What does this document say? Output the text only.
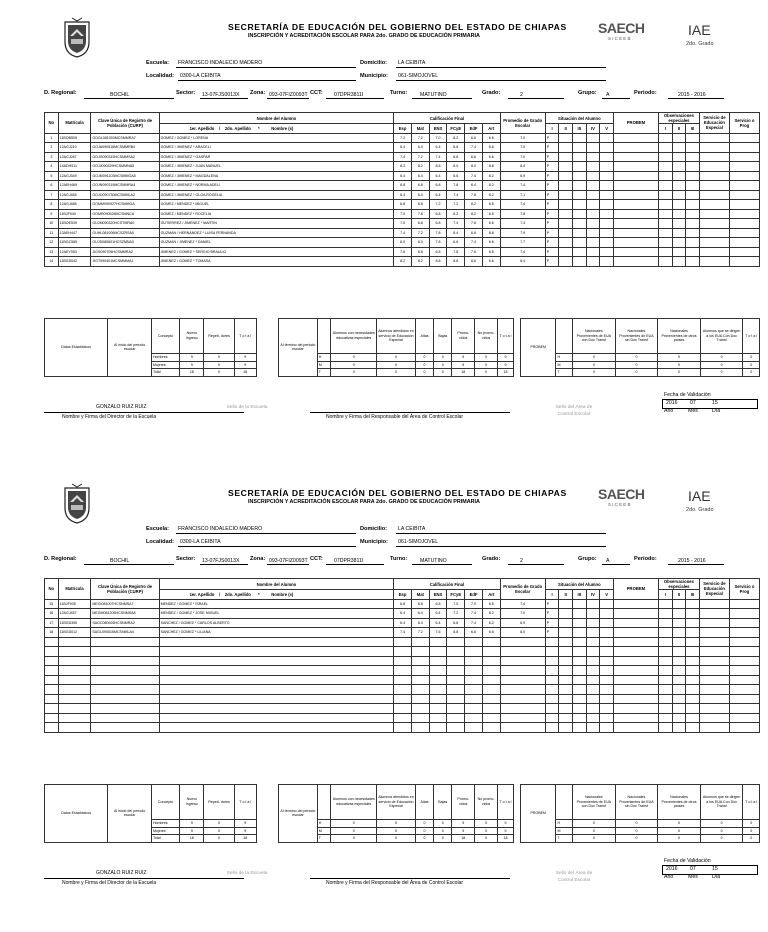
SECRETARÍA DE EDUCACIÓN DEL GOBIERNO DEL ESTADO DE CHIAPAS
INSCRIPCIÓN Y ACREDITACIÓN ESCOLAR PARA 2do. GRADO DE EDUCACIÓN PRIMARIA	SAECH
SICEEB
IAE
2do. Grado
Escuela: FRANCISCO INDALECIO MADERO	Domicilio: LA CEIBITA
Localidad: 0300-LA CEIBITA	Municipio: 061-SIMOJOVEL
D. Regional:	BOCHIL	Sector: 13-07FJS0013X Zona: 093-07FIZ0093T CCT: 07DPR3811I	Turno: MATUTINO	Grado:	2	Grupo: A	Periodo:	2015 - 2016
No	Matrícula	Clave Única de Registro de Población (CURP)	Nombre del Alumno	Calificación Final						Promedio de Grado Escolar	Situación del Alumno					PROBEM	Observaciones especiales			Servicio de Educación Especial	Servicio o Prog
			1er. Apellido / 2do. Apellido * Nombre (s)	Esp	Mat	ENS	FCyE	EdF	Art		I	II	III	IV	V		I	II	III		

1	11BOB509	GOGL081003MCSMMRA7	GOMEZ / GOMEZ * LORENA	7.2	7.2	7.0	8.2	6.6	6.6	7.0	P										
2	12AGJ210	GOJA090516MCSMMRB4	GOMEZ / JIMENEZ * ARACELI	6.4	6.4	6.4	6.6	7.4	6.6	7.0	P										
3	12AGJ287	GOJG090315HCSMMSA2	GOMEZ / JIMENEZ * GASPAR	7.4	7.2	7.4	6.6	6.6	6.6	7.0	P										
4	14ADH511	GOJJ090329HCSMMNA5	GOMEZ / JIMENEZ * JUAN MANUEL	8.2	8.2	8.8	8.0	8.0	8.6	8.4	P										
5	12AGJ349	GOJM091103MCSMMGA8	GOMEZ / JIMENEZ * MAGDALENA	6.4	6.4	6.4	6.6	7.4	8.2	6.9	P										
6	12AEH469	GOJN090319MCSMMRA4	GOMEZ / JIMENEZ * NORMA ADELI	6.8	6.8	6.8	7.8	6.4	8.2	7.4	P										
7	12AGJ465	GOJO090730MCSMMLA2	GOMEZ / JIMENEZ * OLGA ROGELIA	6.4	6.4	6.4	7.4	7.8	8.2	7.1	P										
8	12AGJ485	GOMM090927HCSMMGA	GOMEZ / MENDEZ * MIGUEL	6.8	6.8	7.2	7.2	8.2	6.6	7.4	P										
9	11BJF940	GOMR090528MCSMNCA	GOMEZ / MENDEZ * ROCELIA	7.0	7.8	6.8	8.2	8.2	6.6	7.8	P										
10	11BOE539	GUJM090320HCSTMRA0	GUTIERREZ / JIMENEZ * MARTIN	7.0	6.8	6.8	7.4	7.6	6.6	7.4	P										
11	13AEH447	GUHL081006MCSZRSA5	GUZMAN / HERNANDEZ * LUISA FERNANDA	7.4	7.2	7.8	8.4	6.6	8.6	7.9	P										
12	11BGC585	GUJD080601HCSZMNA3	GUZMAN / JIMENEZ * DANIEL	8.0	8.0	7.8	6.6	7.4	6.6	7.7	P										
13	12AEY053	JIGS090705HCSMMRA2	JIMENEZ / GOMEZ * SERGIO BRAULIO	7.6	6.8	6.8	7.8	7.6	6.6	7.4	P										
14	11BGD042	JIGT090401MCSMMMA1	JIMENEZ / GOMEZ * TOMASA	8.2	8.2	8.8	8.6	8.6	6.6	8.4	P										
Datos Estadísticos	Al inicio del periodo escolar	Concepto	Nuevo Ingreso	Repeti- dores	T o t a l
		Hombres	9	0	9
		Mujeres	9	0	9
		Total	18	0	18
Al término del periodo escolar		Alumnos con necesidades educativas especiales	Alumnos atendidos en servicio de Educación Especial	Altas	Bajas	Promo- vidos	No promo- vidos	T o t a l
	H	0	0	0	0	9	0	9
	M	0	0	0	0	9	0	9
	T	0	0	0	0	18	0	18
PROBEM		Nacionales Provenientes de EUA con Doc Transf	Nacionales Provenientes de EUA sin Doc Transf	Nacionales Provenientes de otros países	Alumnos que se dirigen a los EUA Con Doc Transf	T o t a l
	H	0	0	0	0	0
	M	0	0	0	0	0
	T	0	0	0	0	0
Fecha de Validación
2016 07	15
Año	Mes	Día
GONZALO RUIZ RUIZ
Nombre y Firma del Director de la Escuela
Sello de la Escuela
Nombre y Firma del Responsable del Área de Control Escolar
Sello del Área de Control Escolar
SECRETARÍA DE EDUCACIÓN DEL GOBIERNO DEL ESTADO DE CHIAPAS
INSCRIPCIÓN Y ACREDITACIÓN ESCOLAR PARA 2do. GRADO DE EDUCACIÓN PRIMARIA	SAECH
SICEEB
IAE
2do. Grado
Escuela: FRANCISCO INDALECIO MADERO	Domicilio: LA CEIBITA
Localidad: 0300-LA CEIBITA	Municipio: 061-SIMOJOVEL
D. Regional:	BOCHIL	Sector: 13-07FJS0013X Zona: 093-07FIZ0093T CCT: 07DPR3811I	Turno: MATUTINO	Grado:	2	Grupo: A	Periodo:	2015 - 2016
No	Matrícula	Clave Única de Registro de Población (CURP)	Nombre del Alumno	Calificación Final						Promedio de Grado Escolar	Situación del Alumno					PROBEM	Observaciones especiales			Servicio de Educación Especial	Servicio o Prog
			1er. Apellido / 2do. Apellido * Nombre (s)	Esp	Mat	ENS	FCyE	EdF	Art		I	II	III	IV	V		I	II	III		

15	11BJF935	MEGI081007HCSNMSA7	MENDEZ / GOMEZ * ISRAEL	6.8	6.8	6.8	7.0	7.0	6.6	7.4	P										
16	12AGJ457	MEGM081205HCSNMSA8	MENDEZ / GOMEZ * JOSE MIGUEL	6.4	6.4	6.4	7.2	7.4	8.2	7.0	P										
17	11BGD355	SAGC080926HCSNMRA2	SANCHEZ / GOMEZ * CARLOS ALBERTO	6.4	6.4	6.4	6.8	7.4	6.2	6.9	P										
18	11BGD012	SAGL090516MCSNMLA4	SANCHEZ / GOMEZ * LILIANA	7.4	7.2	7.6	8.8	6.6	6.6	8.0	P										

Datos Estadísticos	Al inicio del periodo escolar	Concepto	Nuevo Ingreso	Repeti- dores	T o t a l
		Hombres	9	0	9
		Mujeres	9	0	9
		Total	18	0	18
Al término del periodo escolar		Alumnos con necesidades educativas especiales	Alumnos atendidos en servicio de Educación Especial	Altas	Bajas	Promo- vidos	No promo- vidos	T o t a l
	H	0	0	0	0	9	0	9
	M	0	0	0	0	9	0	9
	T	0	0	0	0	18	0	18
PROBEM		Nacionales Provenientes de EUA con Doc Transf	Nacionales Provenientes de EUA sin Doc Transf	Nacionales Provenientes de otros países	Alumnos que se dirigen a los EUA Con Doc Transf	T o t a l
	H	0	0	0	0	0
	M	0	0	0	0	0
	T	0	0	0	0	0
Fecha de Validación
2016 07	15
Año	Mes	Día
GONZALO RUIZ RUIZ
Nombre y Firma del Director de la Escuela
Sello de la Escuela
Nombre y Firma del Responsable del Área de Control Escolar
Sello del Área de Control Escolar
